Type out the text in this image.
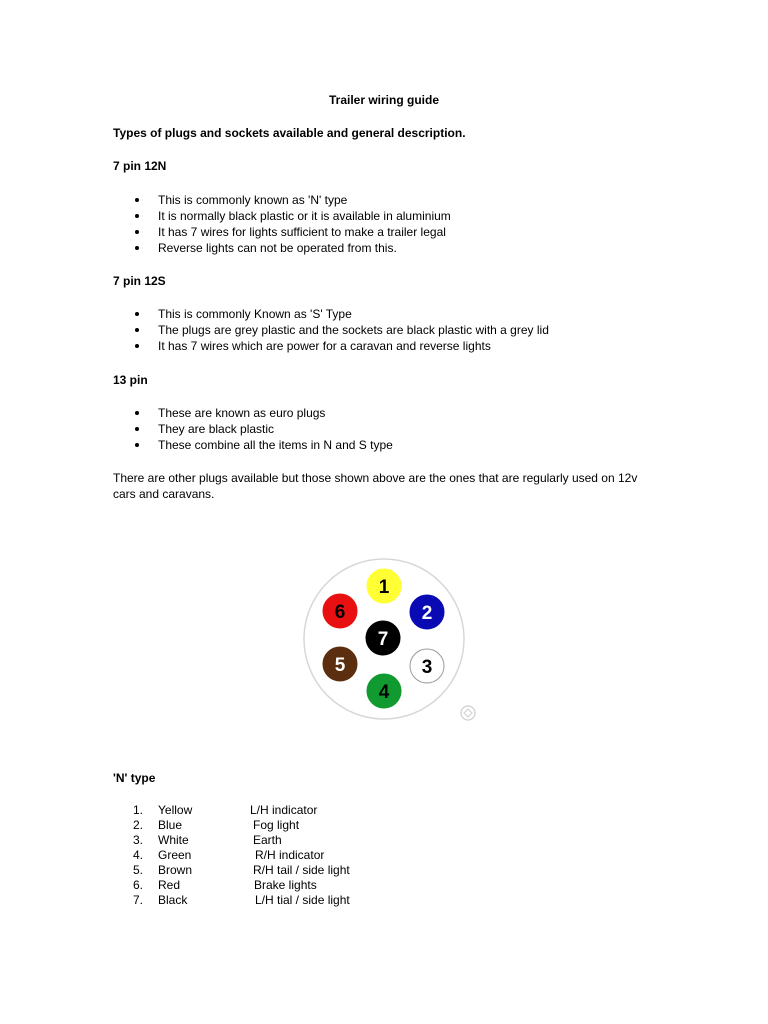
Trailer wiring guide
Types of plugs and sockets available and general description.
7 pin 12N
This is commonly known as 'N' type
It is normally black plastic or it is available in aluminium
It has 7 wires for lights sufficient to make a trailer legal
Reverse lights can not be operated from this.
7 pin 12S
This is commonly Known as 'S' Type
The plugs are grey plastic and the sockets are black plastic with a grey lid
It has 7 wires which are power for a caravan and reverse lights
13 pin
These are known as euro plugs
They are black plastic
These combine all the items in N and S type
There are other plugs available but those shown above are the ones that are regularly used on 12v cars and caravans.
1
2
3
4
5
6
7
'N' type
1. Yellow	L/H indicator
2. Blue	Fog light
3. White	Earth
4. Green	R/H indicator
5. Brown	R/H tail / side light
6. Red	Brake lights
7. Black	L/H tial / side light
